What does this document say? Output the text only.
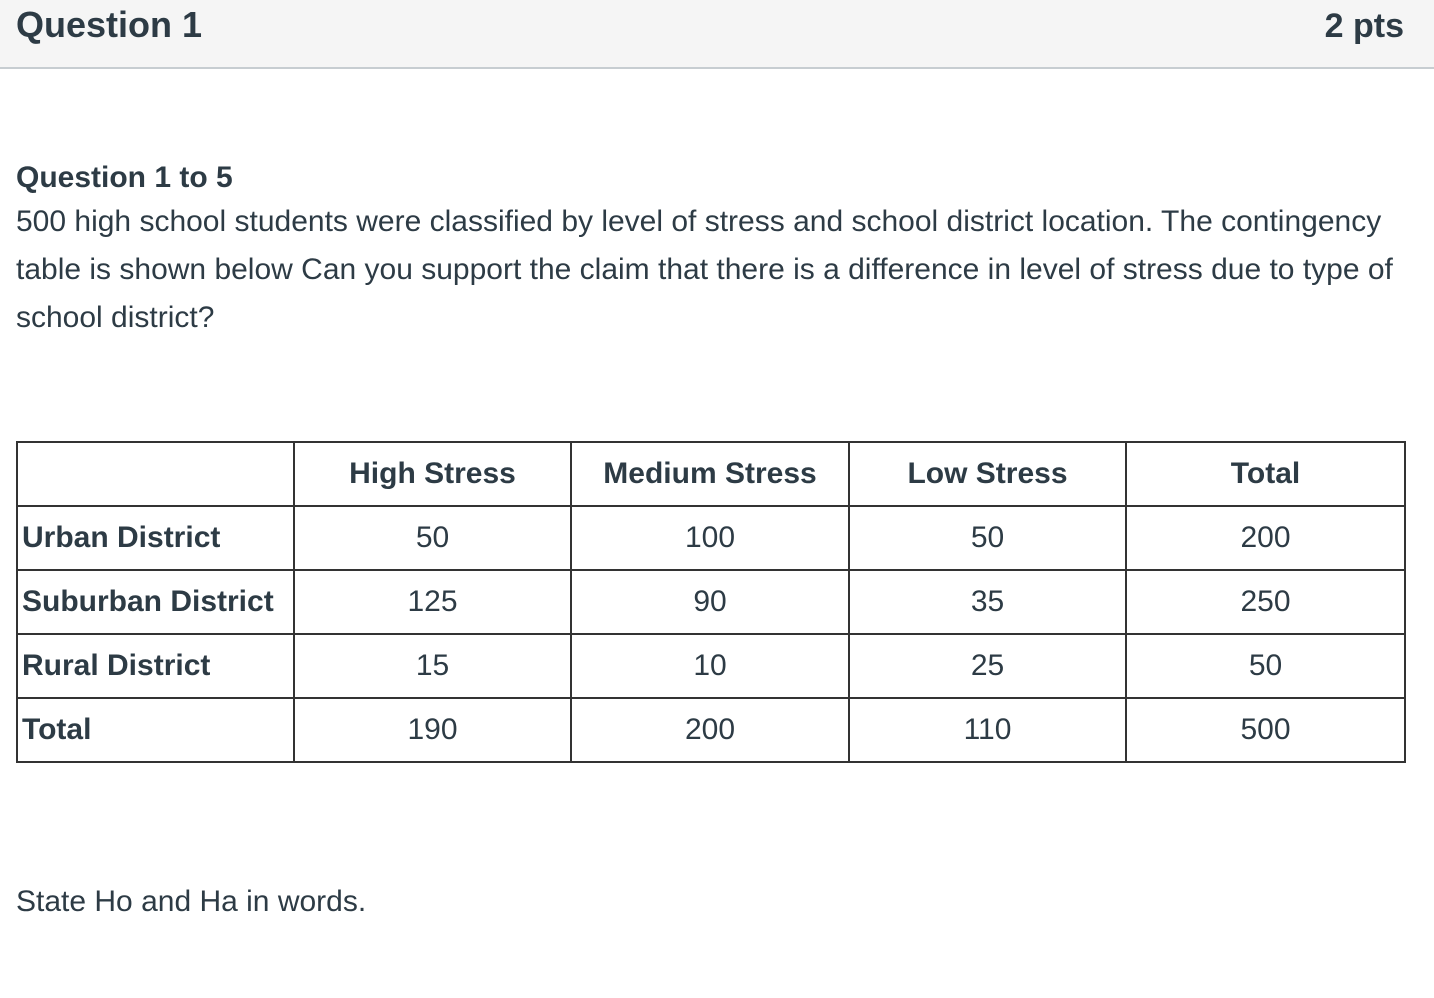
Question 1	2 pts

Question 1 to 5

500 high school students were classified by level of stress and school district location. The contingency table is shown below Can you support the claim that there is a difference in level of stress due to type of school district?

	High Stress	Medium Stress	Low Stress	Total
Urban District	50	100	50	200
Suburban District	125	90	35	250
Rural District	15	10	25	50
Total	190	200	110	500

State Ho and Ha in words.
